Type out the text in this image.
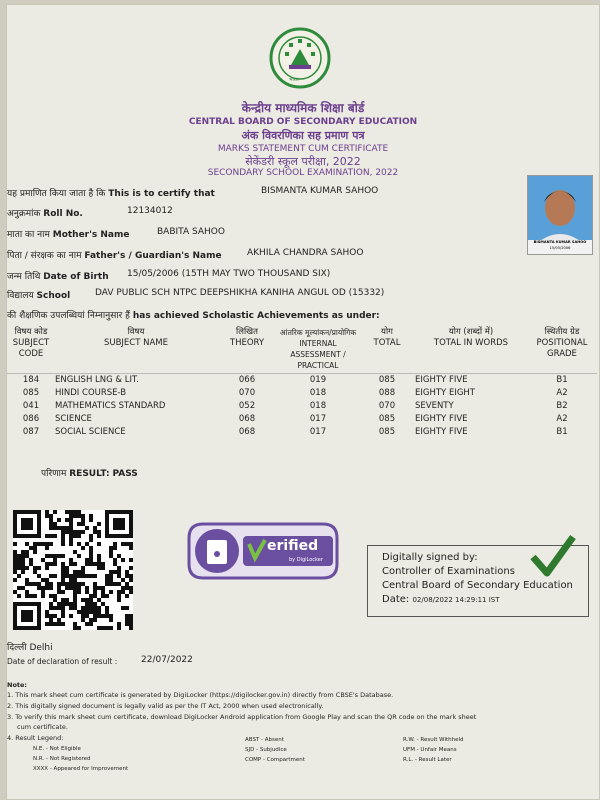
भारत
केन्द्रीय माध्यमिक शिक्षा बोर्ड
CENTRAL BOARD OF SECONDARY EDUCATION
अंक विवरणिका सह प्रमाण पत्र
MARKS STATEMENT CUM CERTIFICATE
सेकेंडरी स्कूल परीक्षा, 2022
SECONDARY SCHOOL EXAMINATION, 2022
यह प्रमाणित किया जाता है कि This is to certify that	BISMANTA KUMAR SAHOO
अनुक्रमांक Roll No.	12134012
माता का नाम Mother's Name	BABITA SAHOO
पिता / संरक्षक का नाम Father's / Guardian's Name	AKHILA CHANDRA SAHOO
जन्म तिथि Date of Birth 15/05/2006 (15TH MAY TWO THOUSAND SIX)
विद्यालय School	DAV PUBLIC SCH NTPC DEEPSHIKHA KANIHA ANGUL OD (15332)
की शैक्षणिक उपलब्धियां निम्नानुसार हैं has achieved Scholastic Achievements as under:
BISMANTA KUMAR SAHOO
15/05/2006
विषय कोड
SUBJECT CODE	विषय
SUBJECT NAME	लिखित
THEORY	आंतरिक मूल्यांकन/प्रायोगिक
INTERNAL ASSESSMENT / PRACTICAL	योग
TOTAL	योग (शब्दों में)
TOTAL IN WORDS	स्थितीय ग्रेड
POSITIONAL GRADE
184	ENGLISH LNG & LIT.	066	019	085	EIGHTY FIVE	B1
085	HINDI COURSE-B	070	018	088	EIGHTY EIGHT	A2
041	MATHEMATICS STANDARD	052	018	070	SEVENTY	B2
086	SCIENCE	068	017	085	EIGHTY FIVE	A2
087	SOCIAL SCIENCE	068	017	085	EIGHTY FIVE	B1
परिणाम RESULT: PASS
erified
by DigiLocker	Digitally signed by:
Controller of Examinations
Central Board of Secondary Education
Date: 02/08/2022 14:29:11 IST
दिल्ली Delhi
Date of declaration of result :	22/07/2022
Note:
1. This mark sheet cum certificate is generated by DigiLocker (https://digilocker.gov.in) directly from CBSE's Database.
2. This digitally signed document is legally valid as per the IT Act, 2000 when used electronically.
3. To verify this mark sheet cum certificate, download DigiLocker Android application from Google Play and scan the QR code on the mark sheet
cum certificate.
4. Result Legend:
N.E. - Not Eligible
N.R. - Not Registered
XXXX - Appeared for Improvement
ABST - Absent
SJD - Subjudice
COMP - Compartment
R.W. - Result Withheld
UFM - Unfair Means
R.L. - Result Later
